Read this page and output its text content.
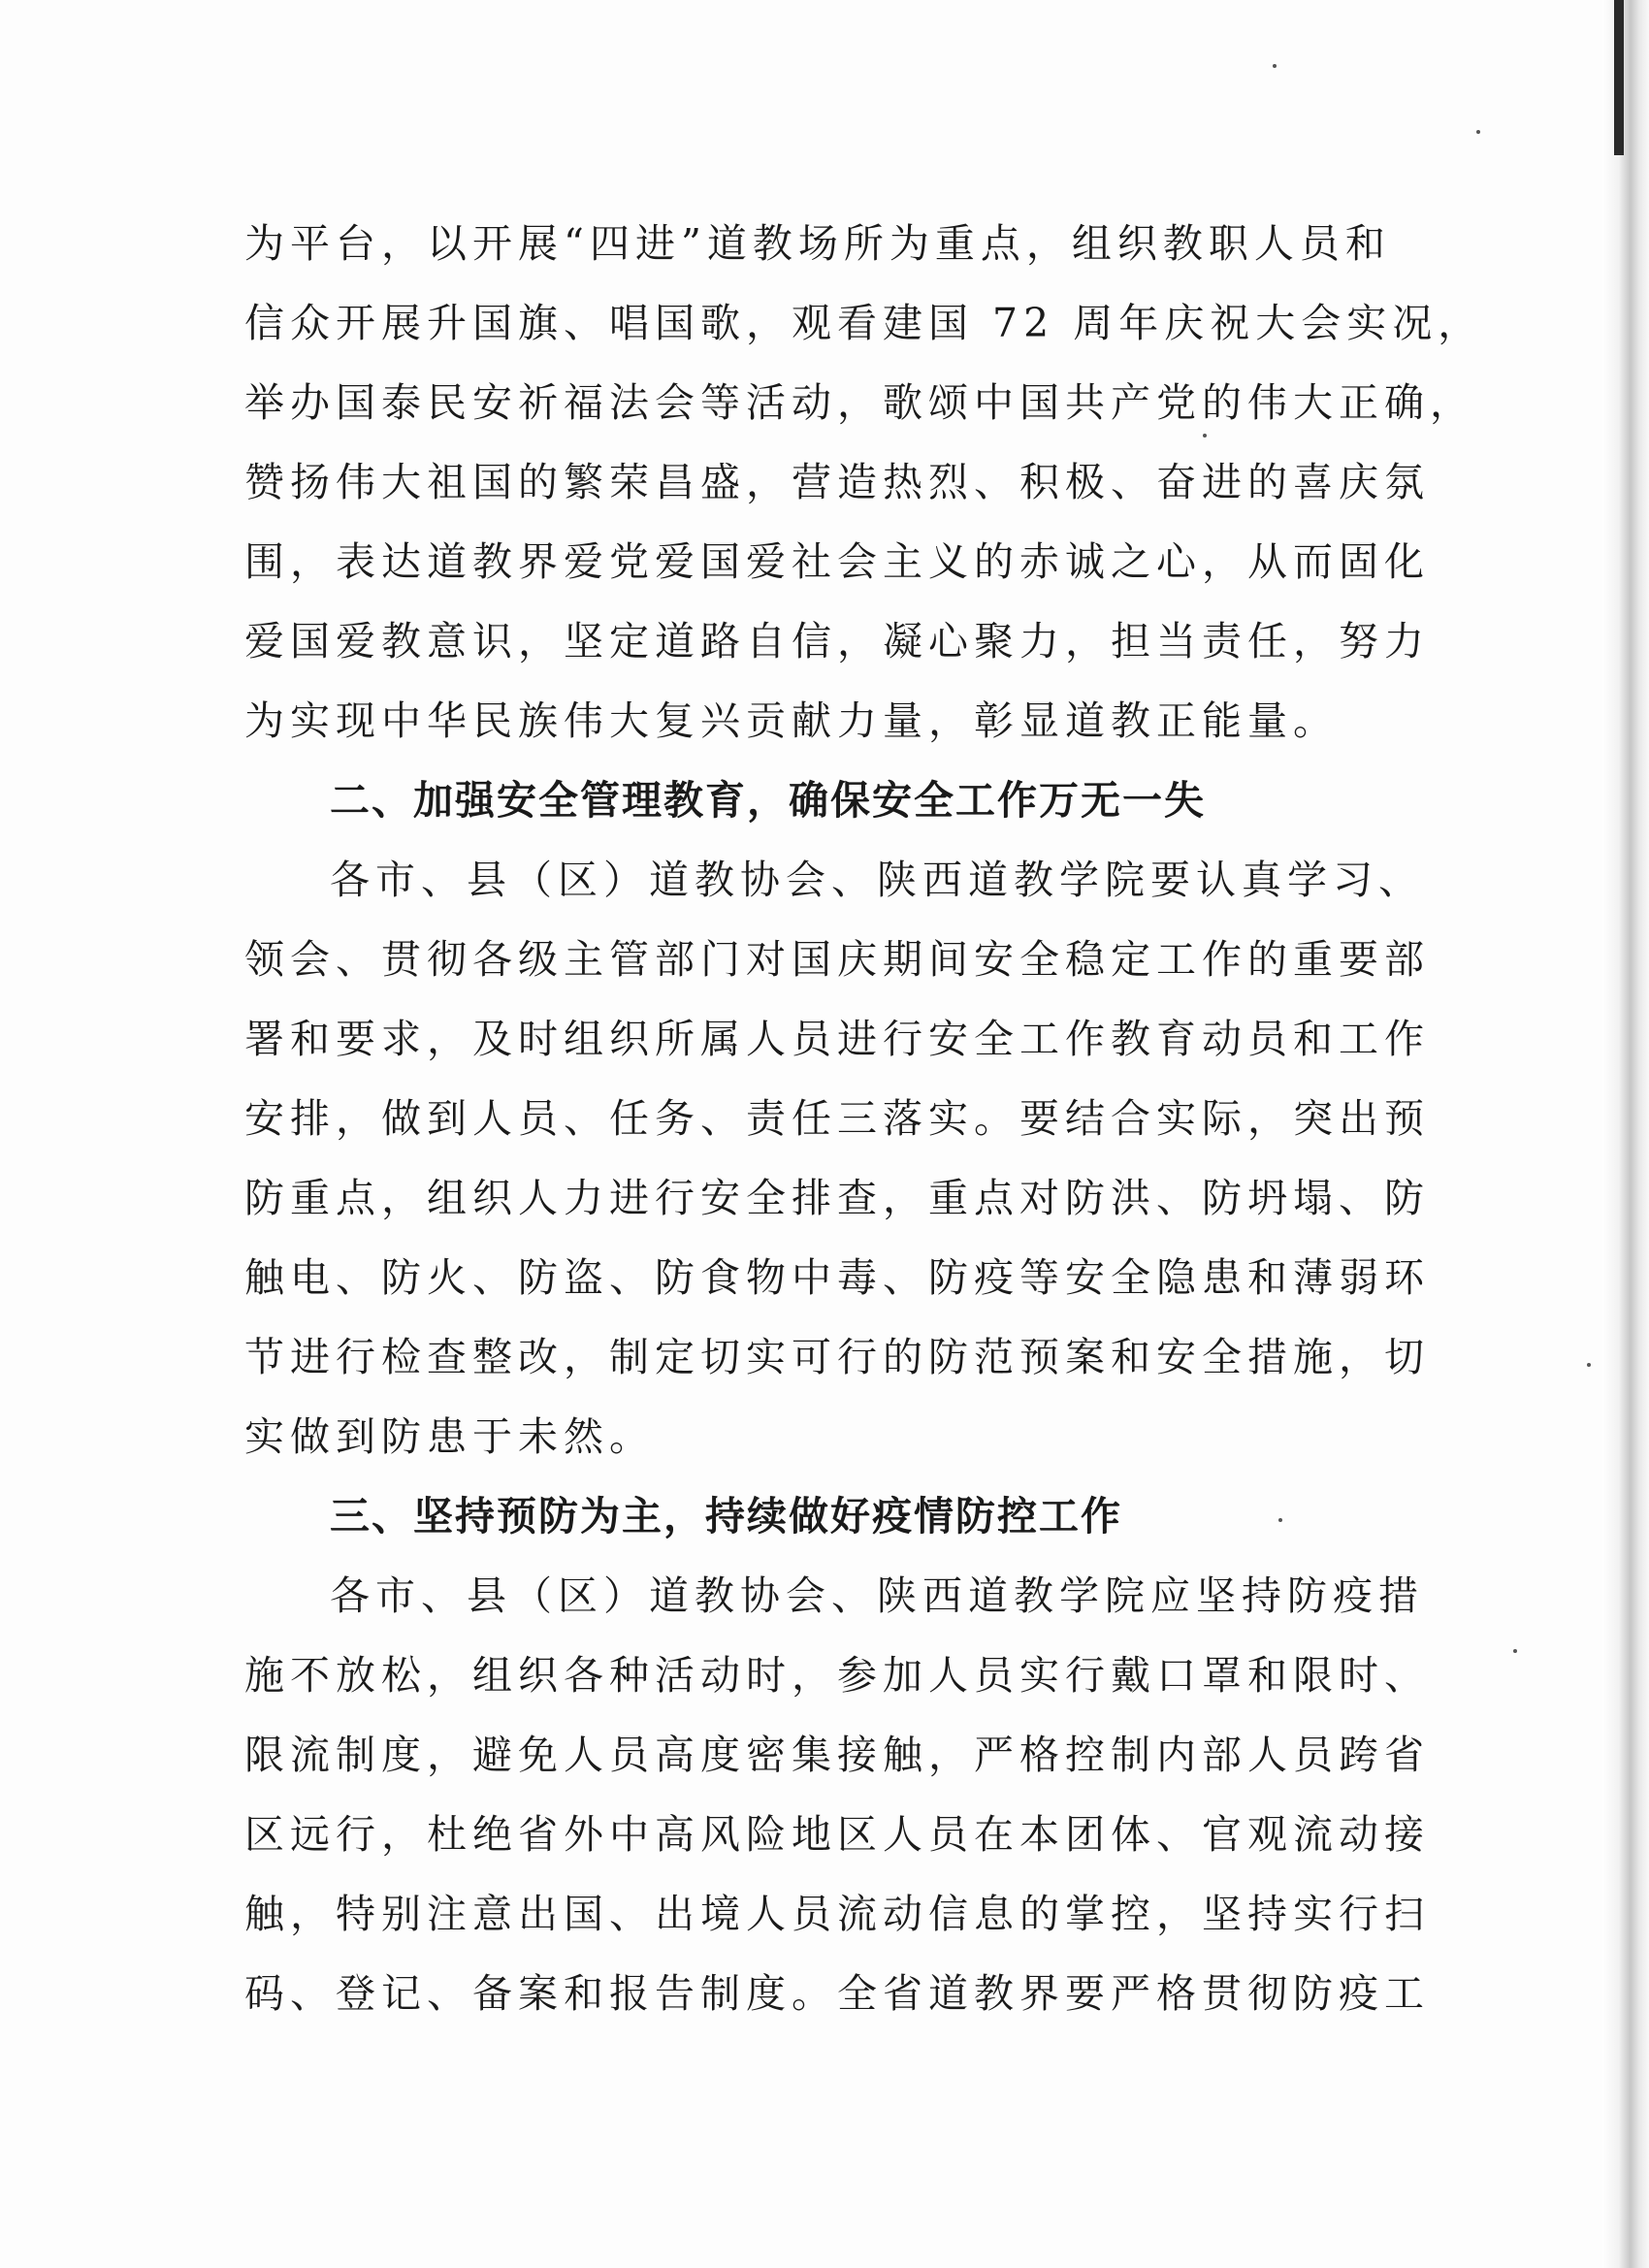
为平台，以开展“四进”道教场所为重点，组织教职人员和
信众开展升国旗、唱国歌，观看建国 72 周年庆祝大会实况，
举办国泰民安祈福法会等活动，歌颂中国共产党的伟大正确，
赞扬伟大祖国的繁荣昌盛，营造热烈、积极、奋进的喜庆氛
围，表达道教界爱党爱国爱社会主义的赤诚之心，从而固化
爱国爱教意识，坚定道路自信，凝心聚力，担当责任，努力
为实现中华民族伟大复兴贡献力量，彰显道教正能量。
二、加强安全管理教育，确保安全工作万无一失
各市、县（区）道教协会、陕西道教学院要认真学习、
领会、贯彻各级主管部门对国庆期间安全稳定工作的重要部
署和要求，及时组织所属人员进行安全工作教育动员和工作
安排，做到人员、任务、责任三落实。要结合实际，突出预
防重点，组织人力进行安全排查，重点对防洪、防坍塌、防
触电、防火、防盗、防食物中毒、防疫等安全隐患和薄弱环
节进行检查整改，制定切实可行的防范预案和安全措施，切
实做到防患于未然。
三、坚持预防为主，持续做好疫情防控工作
各市、县（区）道教协会、陕西道教学院应坚持防疫措
施不放松，组织各种活动时，参加人员实行戴口罩和限时、
限流制度，避免人员高度密集接触，严格控制内部人员跨省
区远行，杜绝省外中高风险地区人员在本团体、官观流动接
触，特别注意出国、出境人员流动信息的掌控，坚持实行扫
码、登记、备案和报告制度。全省道教界要严格贯彻防疫工
